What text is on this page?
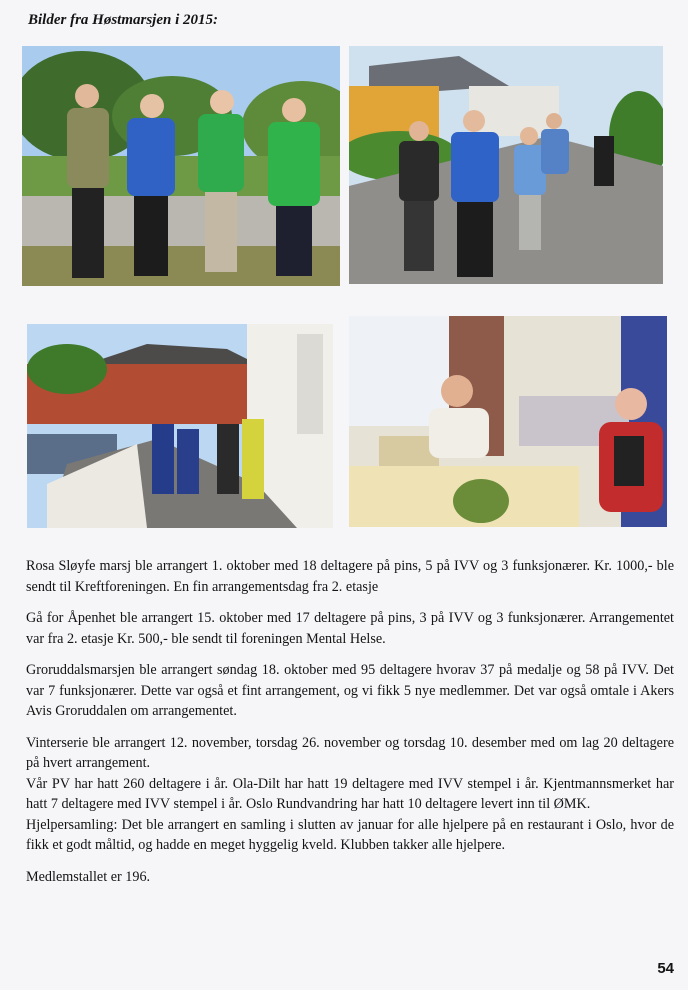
Bilder fra Høstmarsjen i 2015:

Rosa Sløyfe marsj ble arrangert 1. oktober med 18 deltagere på pins, 5 på IVV og 3 funksjonærer. Kr. 1000,- ble sendt til Kreftforeningen. En fin arrangementsdag fra 2. etasje

Gå for Åpenhet ble arrangert 15. oktober med 17 deltagere på pins, 3 på IVV og 3 funksjonærer. Arrangementet var fra 2. etasje Kr. 500,- ble sendt til foreningen Mental Helse.

Groruddalsmarsjen ble arrangert søndag 18. oktober med 95 deltagere hvorav 37 på medalje og 58 på IVV. Det var 7 funksjonærer. Dette var også et fint arrangement, og vi fikk 5 nye medlemmer. Det var også omtale i Akers Avis Groruddalen om arrangementet.

Vinterserie ble arrangert 12. november, torsdag 26. november og torsdag 10. desember med om lag 20 deltagere på hvert arrangement.

Vår PV har hatt 260 deltagere i år. Ola-Dilt har hatt 19 deltagere med IVV stempel i år. Kjentmannsmerket har hatt 7 deltagere med IVV stempel i år. Oslo Rundvandring har hatt 10 deltagere levert inn til ØMK.

Hjelpersamling: Det ble arrangert en samling i slutten av januar for alle hjelpere på en restaurant i Oslo, hvor de fikk et godt måltid, og hadde en meget hyggelig kveld. Klubben takker alle hjelpere.

Medlemstallet er 196.

54
